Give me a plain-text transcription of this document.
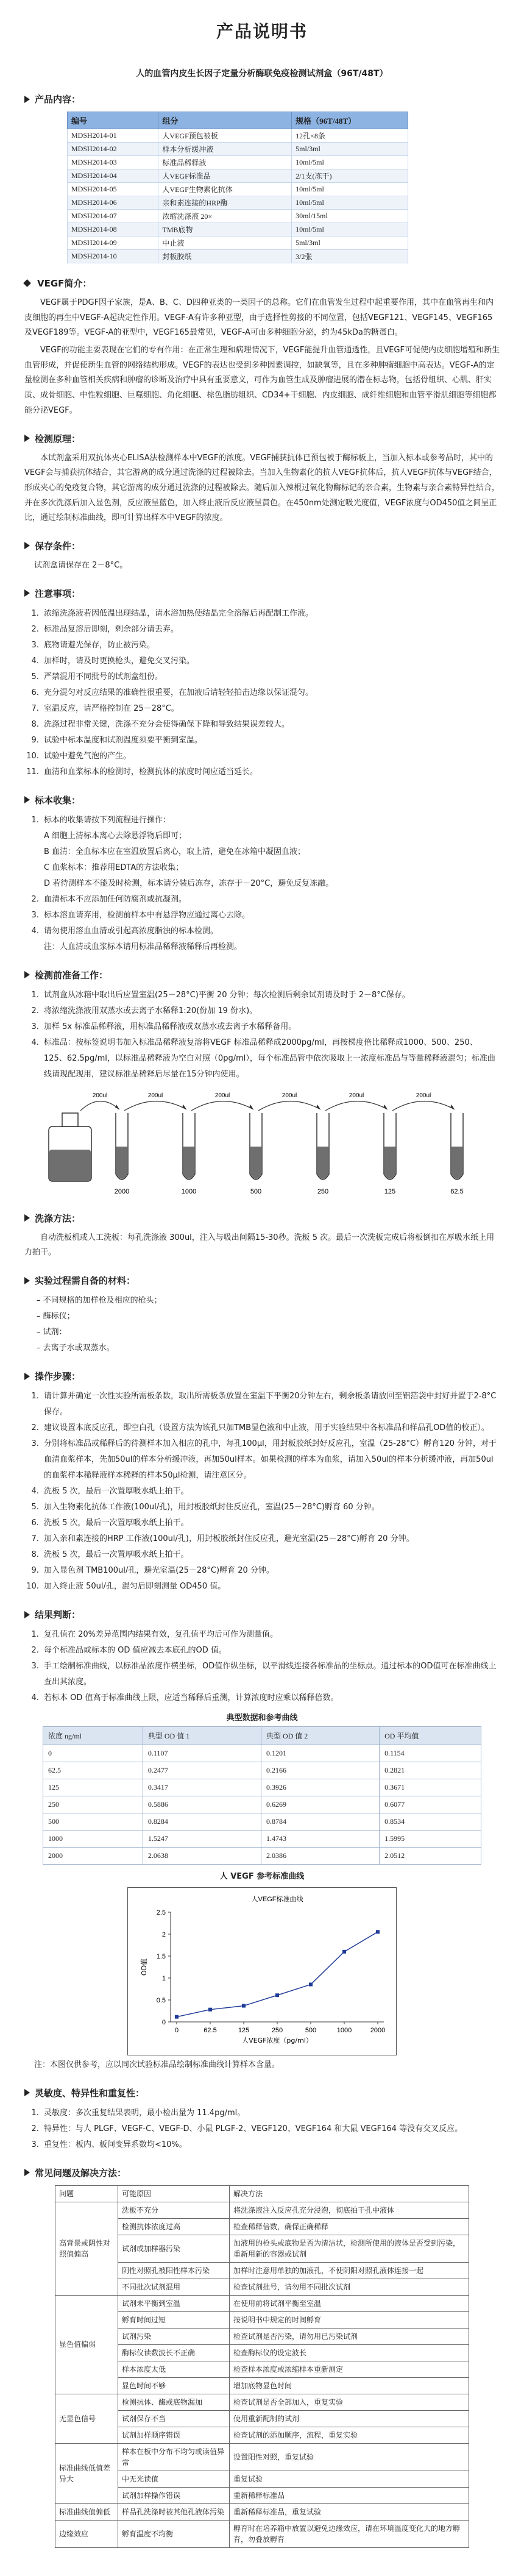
产品说明书
人的血管内皮生长因子定量分析酶联免疫检测试剂盒（96T/48T）
产品内容：
编号	组分	规格（96T/48T）
MDSH2014-01	人VEGF预包被板	12孔×8条
MDSH2014-02	样本分析缓冲液	5ml/3ml
MDSH2014-03	标准品稀释液	10ml/5ml
MDSH2014-04	人VEGF标准品	2/1支(冻干)
MDSH2014-05	人VEGF生物素化抗体	10ml/5ml
MDSH2014-06	亲和素连接的HRP酶	10ml/5ml
MDSH2014-07	浓缩洗涤液 20×	30ml/15ml
MDSH2014-08	TMB底物	10ml/5ml
MDSH2014-09	中止液	5ml/3ml
MDSH2014-10	封板胶纸	3/2张
VEGF简介：

VEGF属于PDGF因子家族，是A、B、C、D四种亚类的一类因子的总称。它们在血管发生过程中起重要作用，其中在血管再生和内皮细胞的再生中VEGF-A起决定性作用。VEGF-A有许多种亚型，由于选择性剪接的不同位置，包括VEGF121、VEGF145、VEGF165及VEGF189等。VEGF-A的亚型中，VEGF165最常见，VEGF-A可由多种细胞分泌，约为45kDa的糖蛋白。

VEGF的功能主要表现在它们的专有作用：在正常生理和病理情况下，VEGF能提升血管通透性，且VEGF可促使内皮细胞增殖和新生血管形成，并促使新生血管的网络结构形成。VEGF的表达也受到多种因素调控，如缺氧等，且在多种肿瘤细胞中高表达。VEGF-A的定量检测在多种血管相关疾病和肿瘤的诊断及治疗中具有重要意义，可作为血管生成及肿瘤进展的潜在标志物，包括骨组织、心肌、肝实质、成骨细胞、中性粒细胞、巨噬细胞、角化细胞、棕色脂肪组织、CD34+干细胞、内皮细胞、成纤维细胞和血管平滑肌细胞等细胞都能分泌VEGF。

检测原理：

本试剂盒采用双抗体夹心ELISA法检测样本中VEGF的浓度。VEGF捕获抗体已预包被于酶标板上，当加入标本或参考品时，其中的VEGF会与捕获抗体结合，其它游离的成分通过洗涤的过程被除去。当加入生物素化的抗人VEGF抗体后，抗人VEGF抗体与VEGF结合，形成夹心的免疫复合物，其它游离的成分通过洗涤的过程被除去。随后加入辣根过氧化物酶标记的亲合素，生物素与亲合素特异性结合，并在多次洗涤后加入显色剂，反应液呈蓝色，加入终止液后反应液呈黄色。在450nm处测定吸光度值，VEGF浓度与OD450值之间呈正比，通过绘制标准曲线，即可计算出样本中VEGF的浓度。

保存条件：

试剂盒请保存在 2－8°C。

注意事项：
1. 浓缩洗涤液若因低温出现结晶，请水浴加热使结晶完全溶解后再配制工作液。
2. 标准品复溶后即刻，剩余部分请丢弃。
3. 底物请避光保存，防止被污染。
4. 加样时，请及时更换枪头，避免交叉污染。
5. 严禁混用不同批号的试剂盒组份。
6. 充分混匀对反应结果的准确性很重要，在加液后请轻轻拍击边缘以保证混匀。
7. 室温反应，请严格控制在 25－28°C。
8. 洗涤过程非常关键，洗涤不充分会使得确保下降和导致结果误差较大。
9. 试验中标本温度和试剂温度须要平衡到室温。
10. 试验中避免气泡的产生。
11. 血清和血浆标本的检测时，检测抗体的浓度时间应适当延长。
标本收集：
1. 标本的收集请按下列流程进行操作：
A 细胞上清标本离心去除悬浮物后即可；
B 血清：全血标本应在室温放置后离心，取上清，避免在冰箱中凝固血液；
C 血浆标本：推荐用EDTA的方法收集；
D 若待测样本不能及时检测，标本请分装后冻存，冻存于－20°C，避免反复冻融。
2. 血清标本不应添加任何防腐剂或抗凝剂。
3. 标本溶血请弃用，检测前样本中有悬浮物应通过离心去除。
4. 请勿使用溶血血清或引起高浓度脂浊的标本检测。
注：人血清或血浆标本请用标准品稀释液稀释后再检测。
检测前准备工作：
1. 试剂盒从冰箱中取出后应置室温(25－28°C)平衡 20 分钟；每次检测后剩余试剂请及时于 2－8°C保存。
2. 将浓缩洗涤液用双蒸水或去离子水稀释1:20(份加 19 份水)。
3. 加样 5x 标准品稀释液，用标准品稀释液或双蒸水或去离子水稀释备用。
4. 标准品：按标签说明书加入标准品稀释液复溶将VEGF 标准品稀释成2000pg/ml，再按梯度倍比稀释成1000、500、250、125、62.5pg/ml，以标准品稀释液为空白对照（0pg/ml），每个标准品管中依次吸取上一浓度标准品与等量稀释液混匀；标准曲线请现配现用，建议标准品稀释后尽量在15分钟内使用。
2000
200ul
1000
200ul
500
200ul
250
200ul
125
200ul
62.5
200ul
洗涤方法：

自动洗板机或人工洗板：每孔洗涤液 300ul，注入与吸出间隔15-30秒。洗板 5 次。最后一次洗板完成后将板倒扣在厚吸水纸上用力拍干。

实验过程需自备的材料：
– 不同规格的加样枪及相应的枪头；
– 酶标仪；
– 试剂：
– 去离子水或双蒸水。
操作步骤：
1. 请计算并确定一次性实验所需板条数，取出所需板条放置在室温下平衡20分钟左右，剩余板条请放回至铝箔袋中封好并置于2-8°C保存。
2. 建议设置本底反应孔，即空白孔（设置方法为该孔只加TMB显色液和中止液，用于实验结果中各标准品和样品孔OD值的校正）。
3. 分别将标准品或稀释后的待测样本加入相应的孔中，每孔100μl，用封板胶纸封好反应孔，室温（25-28°C）孵育120 分钟，对于血清血浆样本，先加50ul的样本分析缓冲液，再加50ul样本。如果检测的样本为血浆，请加入50ul的样本分析缓冲液，再加50ul的血浆样本稀释液样本稀释的样本50μl检测，请注意区分。
4. 洗板 5 次，最后一次置厚吸水纸上拍干。
5. 加入生物素化抗体工作液(100ul/孔)，用封板胶纸封住反应孔，室温(25－28°C)孵育 60 分钟。
6. 洗板 5 次，最后一次置厚吸水纸上拍干。
7. 加入亲和素连接的HRP 工作液(100ul/孔)，用封板胶纸封住反应孔，避光室温(25－28°C)孵育 20 分钟。
8. 洗板 5 次，最后一次置厚吸水纸上拍干。
9. 加入显色剂 TMB100ul/孔，避光室温(25－28°C)孵育 20 分钟。
10. 加入终止液 50ul/孔，混匀后即刻测量 OD450 值。
结果判断：
1. 复孔值在 20%差异范围内结果有效，复孔值平均后可作为测量值。
2. 每个标准品或标本的 OD 值应减去本底孔的OD 值。
3. 手工绘制标准曲线，以标准品浓度作横坐标，OD值作纵坐标，以平滑线连接各标准品的坐标点。通过标本的OD值可在标准曲线上查出其浓度。
4. 若标本 OD 值高于标准曲线上限，应适当稀释后重测，计算浓度时应乘以稀释倍数。
典型数据和参考曲线
浓度 ng/ml	典型 OD 值 1	典型 OD 值 2	OD 平均值
0	0.1107	0.1201	0.1154
62.5	0.2477	0.2166	0.2821
125	0.3417	0.3926	0.3671
250	0.5886	0.6269	0.6077
500	0.8284	0.8784	0.8534
1000	1.5247	1.4743	1.5995
2000	2.0638	2.0386	2.0512
人 VEGF 参考标准曲线
人VEGF标准曲线
0
0.5
1
1.5
2
2.5
0	62.5	125	250	500	1000	2000
OD值
人VEGF浓度（pg/ml）

注：本图仅供参考，应以同次试验标准品绘制标准曲线计算样本含量。

灵敏度、特异性和重复性：
1. 灵敏度：多次重复结果表明，最小检出量为 11.4pg/ml。
2. 特异性：与人 PLGF、VEGF-C、VEGF-D、小鼠 PLGF-2、VEGF120、VEGF164 和大鼠 VEGF164 等没有交叉反应。
3. 重复性：板内、板间变异系数均<10%。
常见问题及解决方法：
问题	可能原因	解决方法
高背景或阴性对照值偏高	洗板不充分	将洗涤液注入反应孔充分浸泡，彻底拍干孔中液体
	检测抗体浓度过高	检查稀释倍数，确保正确稀释
	试剂或加样器污染	加液用的枪头或底物是否为清洁状，检测所使用的液体是否受到污染，重新用新的容器或试剂
	阴性对照孔被阳性样本污染	加样时注意用单独的加液孔，不使阴阳对照孔液体连接一起
	不同批次试剂混用	检查试剂批号，请勿用不同批次试剂
显色值偏弱	试剂未平衡到室温	在使用前将试剂平衡至室温
	孵育时间过短	按说明书中规定的时间孵育
	试剂污染	检查试剂是否污染，请勿用已污染试剂
	酶标仪读数波长不正确	检查酶标仪的设定波长
	样本浓度太低	检查样本浓度或浓缩样本重新测定
	显色时间不够	增加底物显色时间
无显色信号	检测抗体、酶或底物漏加	检查试剂是否全部加入，重复实验
	试剂保存不当	使用重新配制的试剂
	试剂加样顺序错误	检查试剂的添加顺序，流程，重复实验
标准曲线低值差异大	样本在板中分布不均匀或读值异常	设置阳性对照，重复试验
	中无光读值	重复试验
	试剂加样操作错误	重新稀释标准品
标准曲线值偏低	样品孔洗涤时被其他孔液体污染	重新稀释标准品，重复试验
边缘效应	孵育温度不均衡	孵育时在培养箱中放置以避免边缘效应，请在环境温度变化大的地方孵育，勿叠放孵育
